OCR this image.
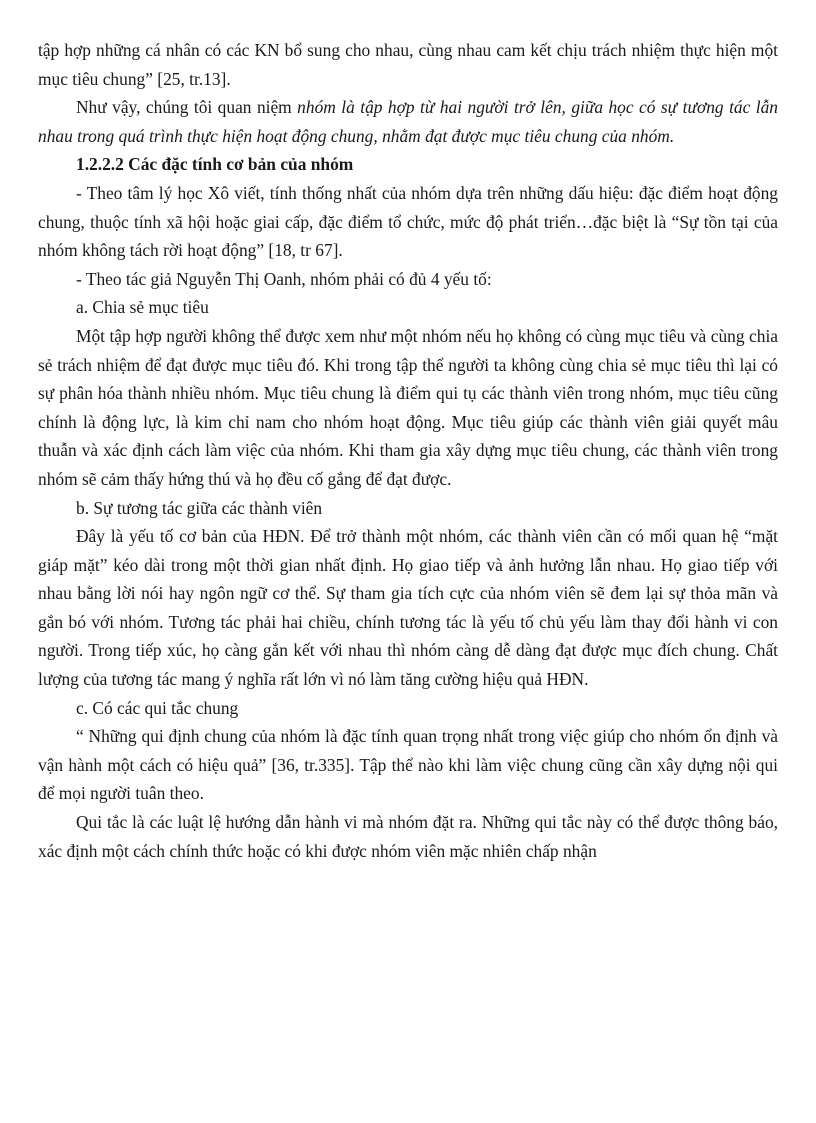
tập hợp những cá nhân có các KN bổ sung cho nhau, cùng nhau cam kết chịu trách nhiệm thực hiện một mục tiêu chung” [25, tr.13].

Như vậy, chúng tôi quan niệm nhóm là tập hợp từ hai người trở lên, giữa học có sự tương tác lẫn nhau trong quá trình thực hiện hoạt động chung, nhằm đạt được mục tiêu chung của nhóm.

1.2.2.2 Các đặc tính cơ bản của nhóm

- Theo tâm lý học Xô viết, tính thống nhất của nhóm dựa trên những dấu hiệu: đặc điểm hoạt động chung, thuộc tính xã hội hoặc giai cấp, đặc điểm tổ chức, mức độ phát triển…đặc biệt là “Sự tồn tại của nhóm không tách rời hoạt động” [18, tr 67].

- Theo tác giả Nguyễn Thị Oanh, nhóm phải có đủ 4 yếu tố:

a. Chia sẻ mục tiêu

Một tập hợp người không thể được xem như một nhóm nếu họ không có cùng mục tiêu và cùng chia sẻ trách nhiệm để đạt được mục tiêu đó. Khi trong tập thể người ta không cùng chia sẻ mục tiêu thì lại có sự phân hóa thành nhiều nhóm. Mục tiêu chung là điểm qui tụ các thành viên trong nhóm, mục tiêu cũng chính là động lực, là kim chỉ nam cho nhóm hoạt động. Mục tiêu giúp các thành viên giải quyết mâu thuẫn và xác định cách làm việc của nhóm. Khi tham gia xây dựng mục tiêu chung, các thành viên trong nhóm sẽ cảm thấy hứng thú và họ đều cố gắng để đạt được.

b. Sự tương tác giữa các thành viên

Đây là yếu tố cơ bản của HĐN. Để trở thành một nhóm, các thành viên cần có mối quan hệ “mặt giáp mặt” kéo dài trong một thời gian nhất định. Họ giao tiếp và ảnh hưởng lẫn nhau. Họ giao tiếp với nhau bằng lời nói hay ngôn ngữ cơ thể. Sự tham gia tích cực của nhóm viên sẽ đem lại sự thỏa mãn và gắn bó với nhóm. Tương tác phải hai chiều, chính tương tác là yếu tố chủ yếu làm thay đổi hành vi con người. Trong tiếp xúc, họ càng gắn kết với nhau thì nhóm càng dễ dàng đạt được mục đích chung. Chất lượng của tương tác mang ý nghĩa rất lớn vì nó làm tăng cường hiệu quả HĐN.

c. Có các qui tắc chung

“ Những qui định chung của nhóm là đặc tính quan trọng nhất trong việc giúp cho nhóm ổn định và vận hành một cách có hiệu quả” [36, tr.335]. Tập thể nào khi làm việc chung cũng cần xây dựng nội qui để mọi người tuân theo.

Qui tắc là các luật lệ hướng dẫn hành vi mà nhóm đặt ra. Những qui tắc này có thể được thông báo, xác định một cách chính thức hoặc có khi được nhóm viên mặc nhiên chấp nhận
